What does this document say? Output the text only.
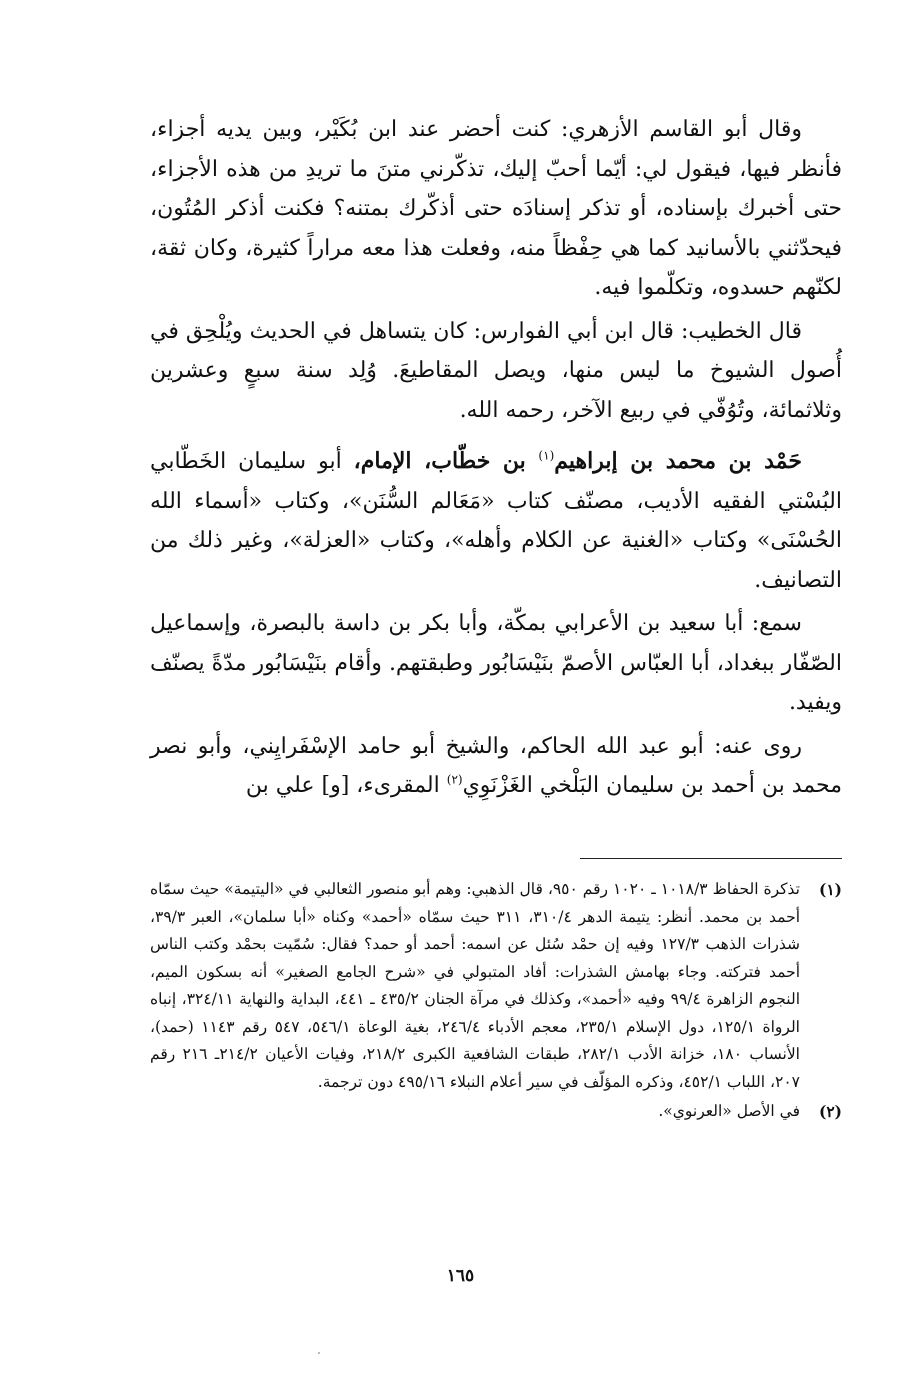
وقال أبو القاسم الأزهري: كنت أحضر عند ابن بُكَيْر، وبين يديه أجزاء، فأنظر فيها، فيقول لي: أيّما أحبّ إليك، تذكّرني متنَ ما تريدِ من هذه الأجزاء، حتى أخبرك بإسناده، أو تذكر إسنادَه حتى أذكّرك بمتنه؟ فكنت أذكر المُتُون، فيحدّثني بالأسانيد كما هي حِفْظاً منه، وفعلت هذا معه مراراً كثيرة، وكان ثقة، لكنّهم حسدوه، وتكلّموا فيه.

قال الخطيب: قال ابن أبي الفوارس: كان يتساهل في الحديث ويُلْحِق في أُصول الشيوخ ما ليس منها، ويصل المقاطيعَ. وُلِد سنة سبعٍ وعشرين وثلاثمائة، وتُوُفّي في ربيع الآخر، رحمه الله.

حَمْد بن محمد بن إبراهيم$^{(١)}$ بن خطّاب، الإمام، أبو سليمان الخَطّابي البُسْتي الفقيه الأديب، مصنّف كتاب «مَعَالم السُّنَن»، وكتاب «أسماء الله الحُسْنَى» وكتاب «الغنية عن الكلام وأهله»، وكتاب «العزلة»، وغير ذلك من التصانيف.

سمع: أبا سعيد بن الأعرابي بمكّة، وأبا بكر بن داسة بالبصرة، وإسماعيل الصّفّار ببغداد، أبا العبّاس الأصمّ بنَيْسَابُور وطبقتهم. وأقام بنَيْسَابُور مدّةً يصنّف ويفيد.

روى عنه: أبو عبد الله الحاكم، والشيخ أبو حامد الإسْفَرايِني، وأبو نصر محمد بن أحمد بن سليمان البَلْخي الغَزْنَوِي$^{(٢)}$ المقرىء، [و] علي بن

(١)
تذكرة الحفاظ ١٠١٨/٣ ـ ١٠٢٠ رقم ٩٥٠، قال الذهبي: وهم أبو منصور الثعالبي في «اليتيمة» حيث سمّاه أحمد بن محمد. أنظر: يتيمة الدهر ٣١٠/٤، ٣١١ حيث سمّاه «أحمد» وكناه «أبا سلمان»، العبر ٣٩/٣، شذرات الذهب ١٢٧/٣ وفيه إن حمْد سُئل عن اسمه: أحمد أو حمد؟ فقال: سُمّيت بحمْد وكتب الناس أحمد فتركته. وجاء بهامش الشذرات: أفاد المتبولي في «شرح الجامع الصغير» أنه بسكون الميم، النجوم الزاهرة ٩٩/٤ وفيه «أحمد»، وكذلك في مرآة الجنان ٤٣٥/٢ ـ ٤٤١، البداية والنهاية ٣٢٤/١١، إنباه الرواة ١٢٥/١، دول الإسلام ٢٣٥/١، معجم الأدباء ٢٤٦/٤، بغية الوعاة ٥٤٦/١، ٥٤٧ رقم ١١٤٣ (حمد)، الأنساب ١٨٠، خزانة الأدب ٢٨٢/١، طبقات الشافعية الكبرى ٢١٨/٢، وفيات الأعيان ٢١٤/٢ـ ٢١٦ رقم ٢٠٧، اللباب ٤٥٢/١، وذكره المؤلّف في سير أعلام النبلاء ٤٩٥/١٦ دون ترجمة.

(٢)
في الأصل «العرنوي».

١٦٥
